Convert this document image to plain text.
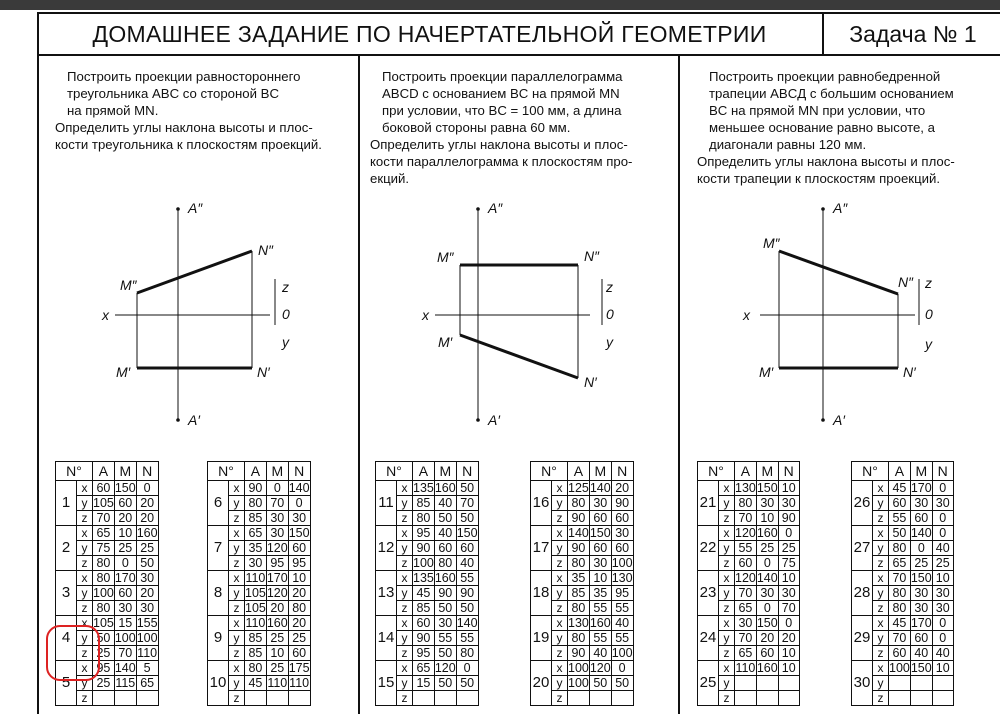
ДОМАШНЕЕ ЗАДАНИЕ ПО НАЧЕРТАТЕЛЬНОЙ ГЕОМЕТРИИ	Задача № 1

Построить проекции равностороннего

треугольника ABC со стороной BC

на прямой MN.

Определить углы наклона высоты и плос-

кости треугольника к плоскостям проекций.

Построить проекции параллелограмма

ABCD с основанием BC на прямой MN

при условии, что BC = 100 мм, а длина

боковой стороны равна 60 мм.

Определить углы наклона высоты и плос-

кости параллелограмма к плоскостям про-

екций.

Построить проекции равнобедренной

трапеции ABCД с большим основанием

BC на прямой MN при условии, что

меньшее основание равно высоте, а

диагонали равны 120 мм.

Определить углы наклона высоты и плос-

кости трапеции к плоскостям проекций.

A″
A′
M″
N″
M′	N′
x
z
0
y
A″
A′
M″	N″
M′
N′
x
z
0
y
A″
A′
M″
N″
M′	N′
x
z
0
y
N°		A	M	N
1	x	60	150	0
	y	105	60	20
	z	70	20	20
2	x	65	10	160
	y	75	25	25
	z	80	0	50
3	x	80	170	30
	y	100	60	20
	z	80	30	30
4	x	105	15	155
	y	50	100	100
	z	25	70	110
5	x	95	140	5
	y	25	115	65
	z			
N°		A	M	N
6	x	90	0	140
	y	80	70	0
	z	85	30	30
7	x	65	30	150
	y	35	120	60
	z	30	95	95
8	x	110	170	10
	y	105	120	20
	z	105	20	80
9	x	110	160	20
	y	85	25	25
	z	85	10	60
10	x	80	25	175
	y	45	110	110
	z			
N°		A	M	N
11	x	135	160	50
	y	85	40	70
	z	80	50	50
12	x	95	40	150
	y	90	60	60
	z	100	80	40
13	x	135	160	55
	y	45	90	90
	z	85	50	50
14	x	60	30	140
	y	90	55	55
	z	95	50	80
15	x	65	120	0
	y	15	50	50
	z			
N°		A	M	N
16	x	125	140	20
	y	80	30	90
	z	90	60	60
17	x	140	150	30
	y	90	60	60
	z	80	30	100
18	x	35	10	130
	y	85	35	95
	z	80	55	55
19	x	130	160	40
	y	80	55	55
	z	90	40	100
20	x	100	120	0
	y	100	50	50
	z			
N°		A	M	N
21	x	130	150	10
	y	80	30	30
	z	70	10	90
22	x	120	160	0
	y	55	25	25
	z	60	0	75
23	x	120	140	10
	y	70	30	30
	z	65	0	70
24	x	30	150	0
	y	70	20	20
	z	65	60	10
25	x	110	160	10
	y			
	z			
N°		A	M	N
26	x	45	170	0
	y	60	30	30
	z	55	60	0
27	x	50	140	0
	y	80	0	40
	z	65	25	25
28	x	70	150	10
	y	80	30	30
	z	80	30	30
29	x	45	170	0
	y	70	60	0
	z	60	40	40
30	x	100	150	10
	y			
	z			
